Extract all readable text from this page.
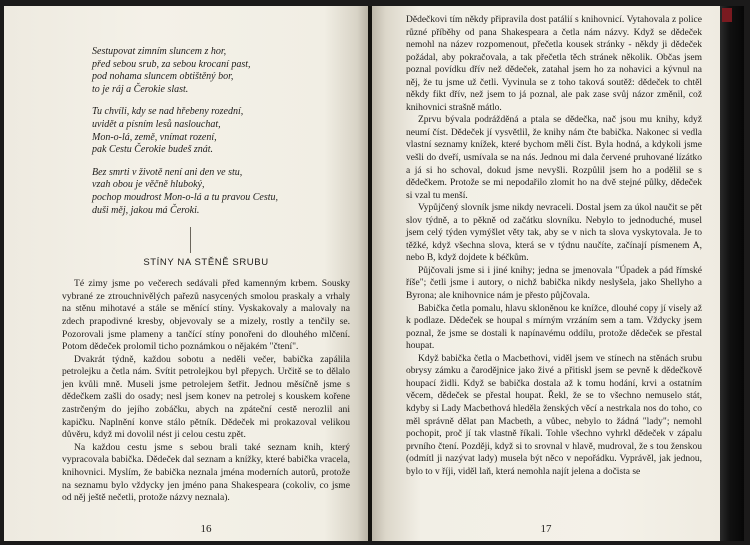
Sestupovat zimním sluncem z hor,

před sebou srub, za sebou krocaní past,

pod nohama sluncem obtištěný bor,

to je ráj a Čerokie slast.

Tu chvíli, kdy se nad hřebeny rozední,

uvidět a písním lesů naslouchat,

Mon-o-lá, země, vnímat rození,

pak Cestu Čerokie budeš znát.

Bez smrti v životě není ani den ve stu,

vzah obou je věčně hluboký,

pochop moudrost Mon-o-lá a tu pravou Cestu,

duši měj, jakou má Čeroki.

STÍNY NA STĚNĚ SRUBU

Té zimy jsme po večerech sedávali před kamenným krbem. Sousky vybrané ze ztrouchnivělých pařezů nasycených smolou praskaly a vrhaly na stěnu mihotavé a stále se měnící stíny. Vyskakovaly a malovaly na zdech prapodivné kresby, objevovaly se a mizely, rostly a tenčily se. Pozorovali jsme plameny a tančící stíny ponořeni do dlouhého mlčení. Potom dědeček prolomil ticho poznámkou o nějakém "čtení".

Dvakrát týdně, každou sobotu a neděli večer, babička zapálila petrolejku a četla nám. Svítit petrolejkou byl přepych. Určitě se to dělalo jen kvůli mně. Museli jsme petrolejem šetřit. Jednou měsíčně jsme s dědečkem zašli do osady; nesl jsem konev na petrolej s kouskem kořene zastrčeným do jejího zobáčku, abych na zpáteční cestě nerozlil ani kapičku. Naplnění konve stálo pětník. Dědeček mi prokazoval velikou důvěru, když mi dovolil nést ji celou cestu zpět.

Na každou cestu jsme s sebou brali také seznam knih, který vypracovala babička. Dědeček dal seznam a knížky, které babička vracela, knihovnici. Myslím, že babička neznala jména moderních autorů, protože na seznamu bylo vždycky jen jméno pana Shakespeara (cokoliv, co jsme od něj ještě nečetli, protože názvy neznala).

16

Dědečkovi tím někdy připravila dost patálií s knihovnicí. Vytahovala z police různé příběhy od pana Shakespeara a četla nám názvy. Když se dědeček nemohl na název rozpomenout, přečetla kousek stránky - někdy ji dědeček požádal, aby pokračovala, a tak přečetla těch stránek několik. Občas jsem poznal povídku dřív než dědeček, zatahal jsem ho za nohavici a kývnul na něj, že tu jsme už četli. Vyvinula se z toho taková soutěž: dědeček to chtěl někdy fikt dřív, než jsem to já poznal, ale pak zase svůj názor změnil, což knihovnici strašně mátlo.

Zprvu bývala podrážděná a ptala se dědečka, nač jsou mu knihy, když neumí číst. Dědeček jí vysvětlil, že knihy nám čte babička. Nakonec si vedla vlastní seznamy knížek, které bychom měli číst. Byla hodná, a kdykoli jsme vešli do dveří, usmívala se na nás. Jednou mi dala červené pruhované lízátko a já si ho schoval, dokud jsme nevyšli. Rozpůlil jsem ho a podělil se s dědečkem. Protože se mi nepodařilo zlomit ho na dvě stejné půlky, dědeček si vzal tu menší.

Vypůjčený slovník jsme nikdy nevraceli. Dostal jsem za úkol naučit se pět slov týdně, a to pěkně od začátku slovníku. Nebylo to jednoduché, musel jsem celý týden vymýšlet věty tak, aby se v nich ta slova vyskytovala. Je to těžké, když všechna slova, která se v týdnu naučíte, začínají písmenem A, nebo B, když dojdete k béčkům.

Půjčovali jsme si i jiné knihy; jedna se jmenovala "Úpadek a pád římské říše"; četli jsme i autory, o nichž babička nikdy neslyšela, jako Shellyho a Byrona; ale knihovnice nám je přesto půjčovala.

Babička četla pomalu, hlavu skloněnou ke knížce, dlouhé copy jí visely až k podlaze. Dědeček se houpal s mírným vrzáním sem a tam. Vždycky jsem poznal, že jsme se dostali k napínavému oddílu, protože dědeček se přestal houpat.

Když babička četla o Macbethovi, viděl jsem ve stínech na stěnách srubu obrysy zámku a čarodějnice jako živé a přitiskl jsem se pevně k dědečkově houpací židli. Když se babička dostala až k tomu hodání, krvi a ostatním věcem, dědeček se přestal houpat. Řekl, že se to všechno nemuselo stát, kdyby si Lady Macbethová hleděla ženských věcí a nestrkala nos do toho, co měl správně dělat pan Macbeth, a vůbec, nebylo to žádná "lady"; nemohl pochopit, proč jí tak vlastně říkali. Tohle všechno vyhrkl dědeček v zápalu prvního čtení. Později, když si to srovnal v hlavě, mudroval, že s tou ženskou (odmítl ji nazývat lady) musela být něco v nepořádku. Vyprávěl, jak jednou, bylo to v říji, viděl laň, která nemohla najít jelena a dočista se

17
